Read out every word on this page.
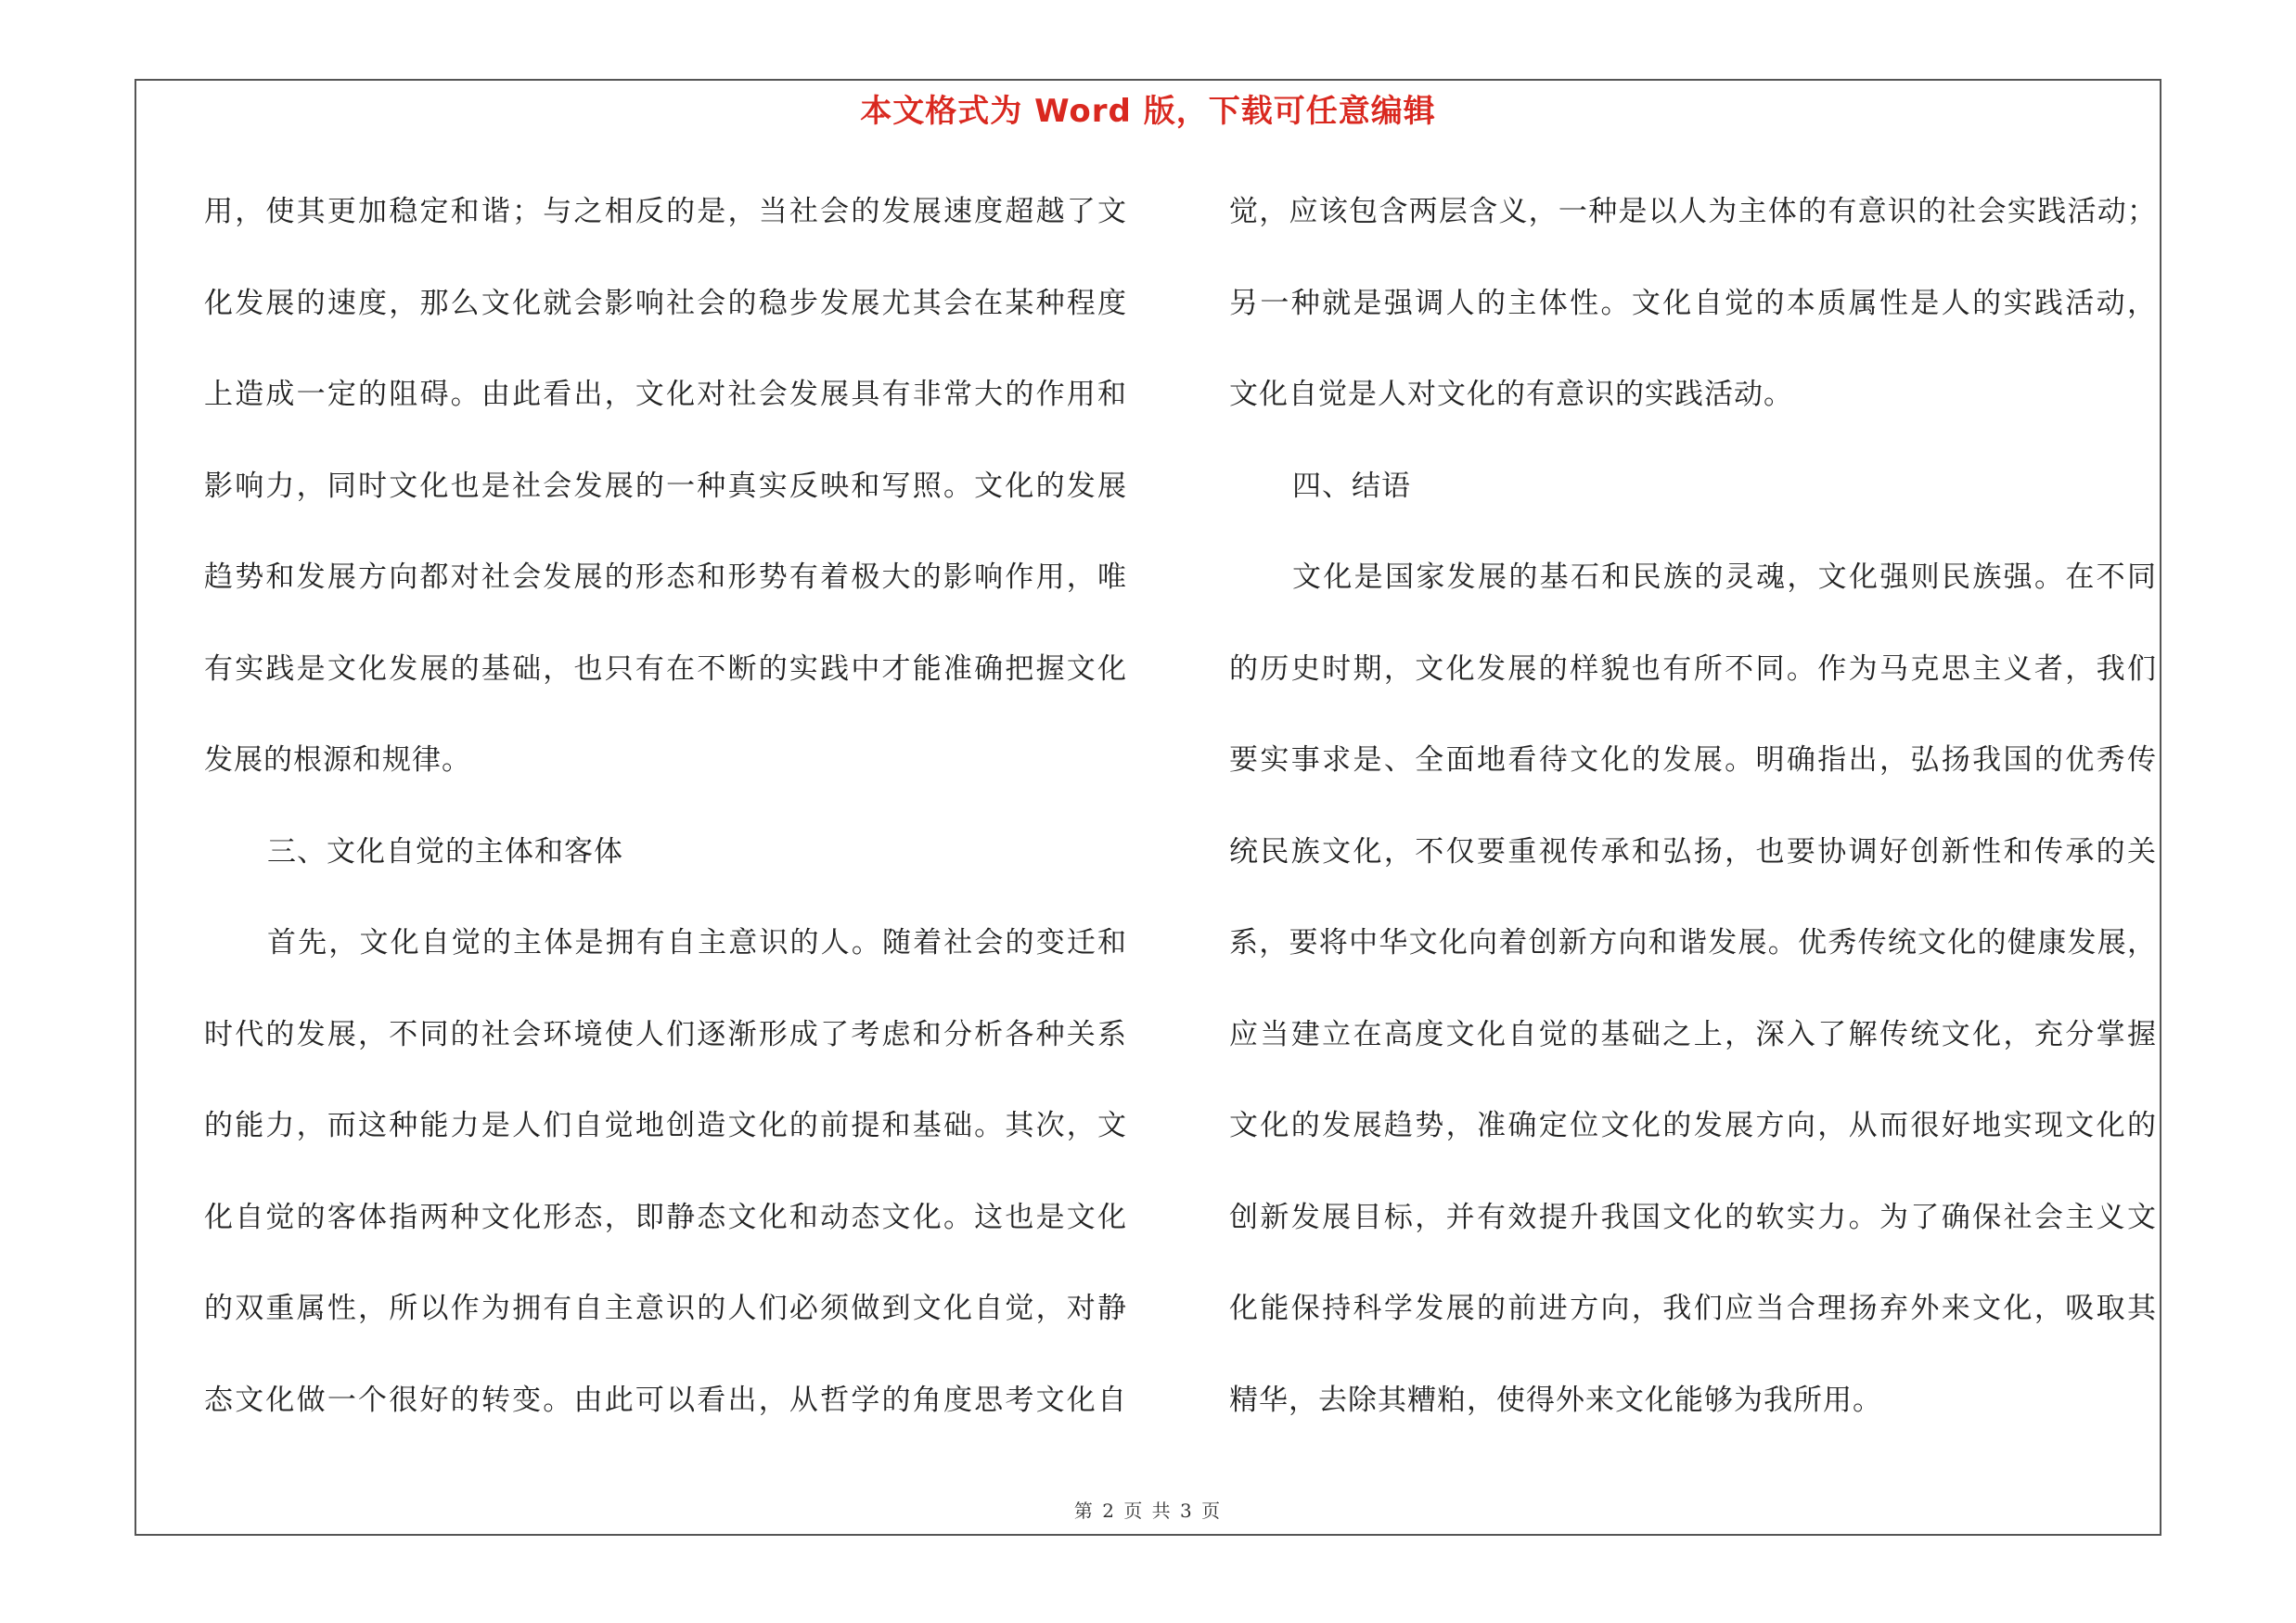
本文格式为 Word 版，下载可任意编辑
用，使其更加稳定和谐；与之相反的是，当社会的发展速度超越了文
化发展的速度，那么文化就会影响社会的稳步发展尤其会在某种程度
上造成一定的阻碍。由此看出，文化对社会发展具有非常大的作用和
影响力，同时文化也是社会发展的一种真实反映和写照。文化的发展
趋势和发展方向都对社会发展的形态和形势有着极大的影响作用，唯
有实践是文化发展的基础，也只有在不断的实践中才能准确把握文化
发展的根源和规律。
三、文化自觉的主体和客体
首先，文化自觉的主体是拥有自主意识的人。随着社会的变迁和
时代的发展，不同的社会环境使人们逐渐形成了考虑和分析各种关系
的能力，而这种能力是人们自觉地创造文化的前提和基础。其次，文
化自觉的客体指两种文化形态，即静态文化和动态文化。这也是文化
的双重属性，所以作为拥有自主意识的人们必须做到文化自觉，对静
态文化做一个很好的转变。由此可以看出，从哲学的角度思考文化自
觉，应该包含两层含义，一种是以人为主体的有意识的社会实践活动；
另一种就是强调人的主体性。文化自觉的本质属性是人的实践活动，
文化自觉是人对文化的有意识的实践活动。
四、结语
文化是国家发展的基石和民族的灵魂，文化强则民族强。在不同
的历史时期，文化发展的样貌也有所不同。作为马克思主义者，我们
要实事求是、全面地看待文化的发展。明确指出，弘扬我国的优秀传
统民族文化，不仅要重视传承和弘扬，也要协调好创新性和传承的关
系，要将中华文化向着创新方向和谐发展。优秀传统文化的健康发展，
应当建立在高度文化自觉的基础之上，深入了解传统文化，充分掌握
文化的发展趋势，准确定位文化的发展方向，从而很好地实现文化的
创新发展目标，并有效提升我国文化的软实力。为了确保社会主义文
化能保持科学发展的前进方向，我们应当合理扬弃外来文化，吸取其
精华，去除其糟粕，使得外来文化能够为我所用。
第 2 页 共 3 页
